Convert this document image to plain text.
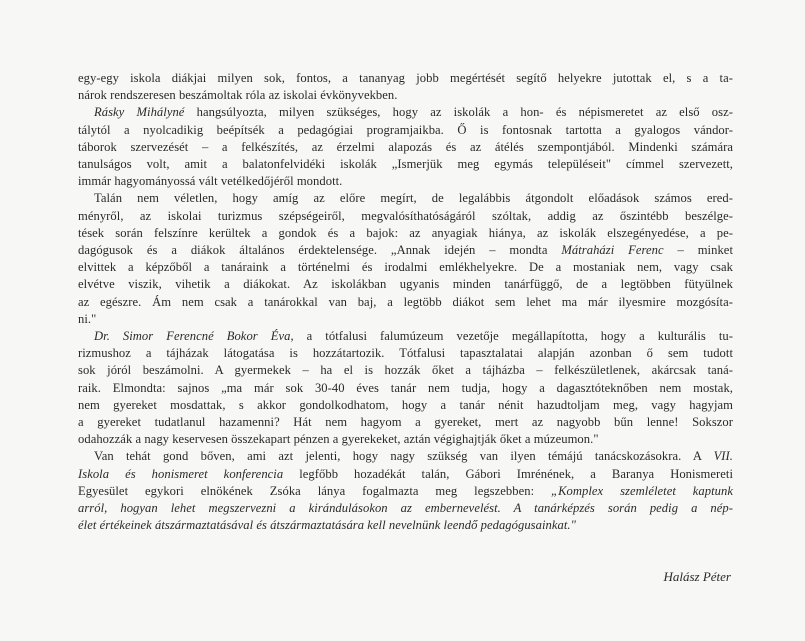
egy-egy iskola diákjai milyen sok, fontos, a tananyag jobb megértését segítő helyekre jutottak el, s a ta-
nárok rendszeresen beszámoltak róla az iskolai évkönyvekben.

Rásky Mihályné hangsúlyozta, milyen szükséges, hogy az iskolák a hon- és népismeretet az első osz-
tálytól a nyolcadikig beépítsék a pedagógiai programjaikba. Ő is fontosnak tartotta a gyalogos vándor-
táborok szervezését – a felkészítés, az érzelmi alapozás és az átélés szempontjából. Mindenki számára
tanulságos volt, amit a balatonfelvidéki iskolák „Ismerjük meg egymás településeit" címmel szervezett,
immár hagyományossá vált vetélkedőjéről mondott.

Talán nem véletlen, hogy amíg az előre megírt, de legalábbis átgondolt előadások számos ered-
ményről, az iskolai turizmus szépségeiről, megvalósíthatóságáról szóltak, addig az őszintébb beszélge-
tések során felszínre kerültek a gondok és a bajok: az anyagiak hiánya, az iskolák elszegényedése, a pe-
dagógusok és a diákok általános érdektelensége. „Annak idején – mondta Mátraházi Ferenc – minket
elvittek a képzőből a tanáraink a történelmi és irodalmi emlékhelyekre. De a mostaniak nem, vagy csak
elvétve viszik, vihetik a diákokat. Az iskolákban ugyanis minden tanárfüggő, de a legtöbben fütyülnek
az egészre. Ám nem csak a tanárokkal van baj, a legtöbb diákot sem lehet ma már ilyesmire mozgósíta-
ni."

Dr. Simor Ferencné Bokor Éva, a tótfalusi falumúzeum vezetője megállapította, hogy a kulturális tu-
rizmushoz a tájházak látogatása is hozzátartozik. Tótfalusi tapasztalatai alapján azonban ő sem tudott
sok jóról beszámolni. A gyermekek – ha el is hozzák őket a tájházba – felkészületlenek, akárcsak taná-
raik. Elmondta: sajnos „ma már sok 30-40 éves tanár nem tudja, hogy a dagasztóteknőben nem mostak,
nem gyereket mosdattak, s akkor gondolkodhatom, hogy a tanár nénit hazudtoljam meg, vagy hagyjam
a gyereket tudatlanul hazamenni? Hát nem hagyom a gyereket, mert az nagyobb bűn lenne! Sokszor
odahozzák a nagy keservesen összekapart pénzen a gyerekeket, aztán végighajtják őket a múzeumon."

Van tehát gond bőven, ami azt jelenti, hogy nagy szükség van ilyen témájú tanácskozásokra. A VII.
Iskola és honismeret konferencia legfőbb hozadékát talán, Gábori Imrénének, a Baranya Honismereti
Egyesület egykori elnökének Zsóka lánya fogalmazta meg legszebben: „Komplex szemléletet kaptunk
arról, hogyan lehet megszervezni a kirándulásokon az embernevelést. A tanárképzés során pedig a nép-
élet értékeinek átszármaztatásával és átszármaztatására kell nevelnünk leendő pedagógusainkat."

Halász Péter
